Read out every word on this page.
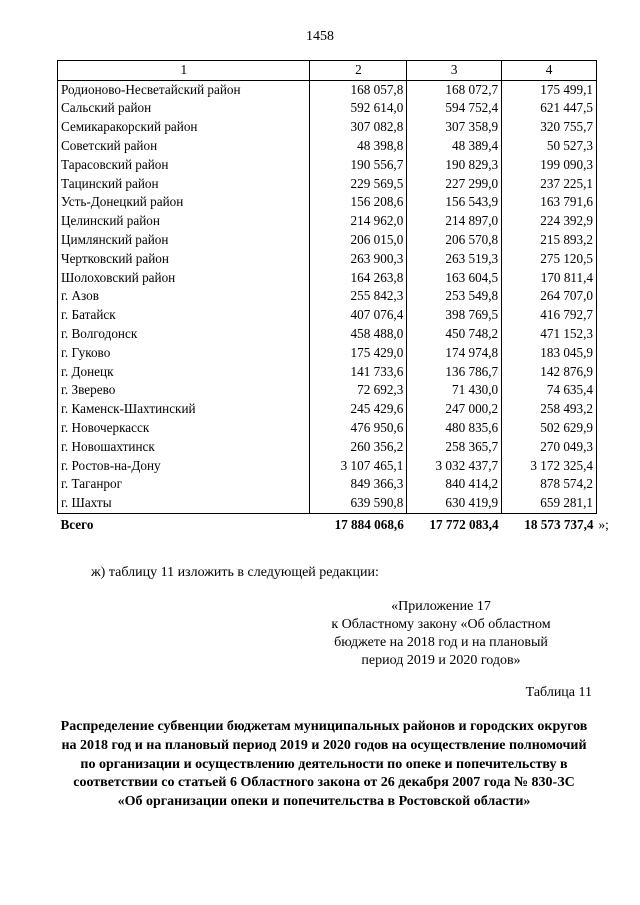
1458
1	2	3	4
Родионово-Несветайский район	168 057,8	168 072,7	175 499,1
Сальский район	592 614,0	594 752,4	621 447,5
Семикаракорский район	307 082,8	307 358,9	320 755,7
Советский район	48 398,8	48 389,4	50 527,3
Тарасовский район	190 556,7	190 829,3	199 090,3
Тацинский район	229 569,5	227 299,0	237 225,1
Усть-Донецкий район	156 208,6	156 543,9	163 791,6
Целинский район	214 962,0	214 897,0	224 392,9
Цимлянский район	206 015,0	206 570,8	215 893,2
Чертковский район	263 900,3	263 519,3	275 120,5
Шолоховский район	164 263,8	163 604,5	170 811,4
г. Азов	255 842,3	253 549,8	264 707,0
г. Батайск	407 076,4	398 769,5	416 792,7
г. Волгодонск	458 488,0	450 748,2	471 152,3
г. Гуково	175 429,0	174 974,8	183 045,9
г. Донецк	141 733,6	136 786,7	142 876,9
г. Зверево	72 692,3	71 430,0	74 635,4
г. Каменск-Шахтинский	245 429,6	247 000,2	258 493,2
г. Новочеркасск	476 950,6	480 835,6	502 629,9
г. Новошахтинск	260 356,2	258 365,7	270 049,3
г. Ростов-на-Дону	3 107 465,1	3 032 437,7	3 172 325,4
г. Таганрог	849 366,3	840 414,2	878 574,2
г. Шахты	639 590,8	630 419,9	659 281,1
Всего	17 884 068,6	17 772 083,4	18 573 737,4 »;
ж) таблицу 11 изложить в следующей редакции:
«Приложение 17
к Областному закону «Об областном
бюджете на 2018 год и на плановый
период 2019 и 2020 годов»
Таблица 11
Распределение субвенции бюджетам муниципальных районов и городских округов на 2018 год и на плановый период 2019 и 2020 годов на осуществление полномочий по организации и осуществлению деятельности по опеке и попечительству в соответствии со статьей 6 Областного закона от 26 декабря 2007 года № 830-ЗС «Об организации опеки и попечительства в Ростовской области»
